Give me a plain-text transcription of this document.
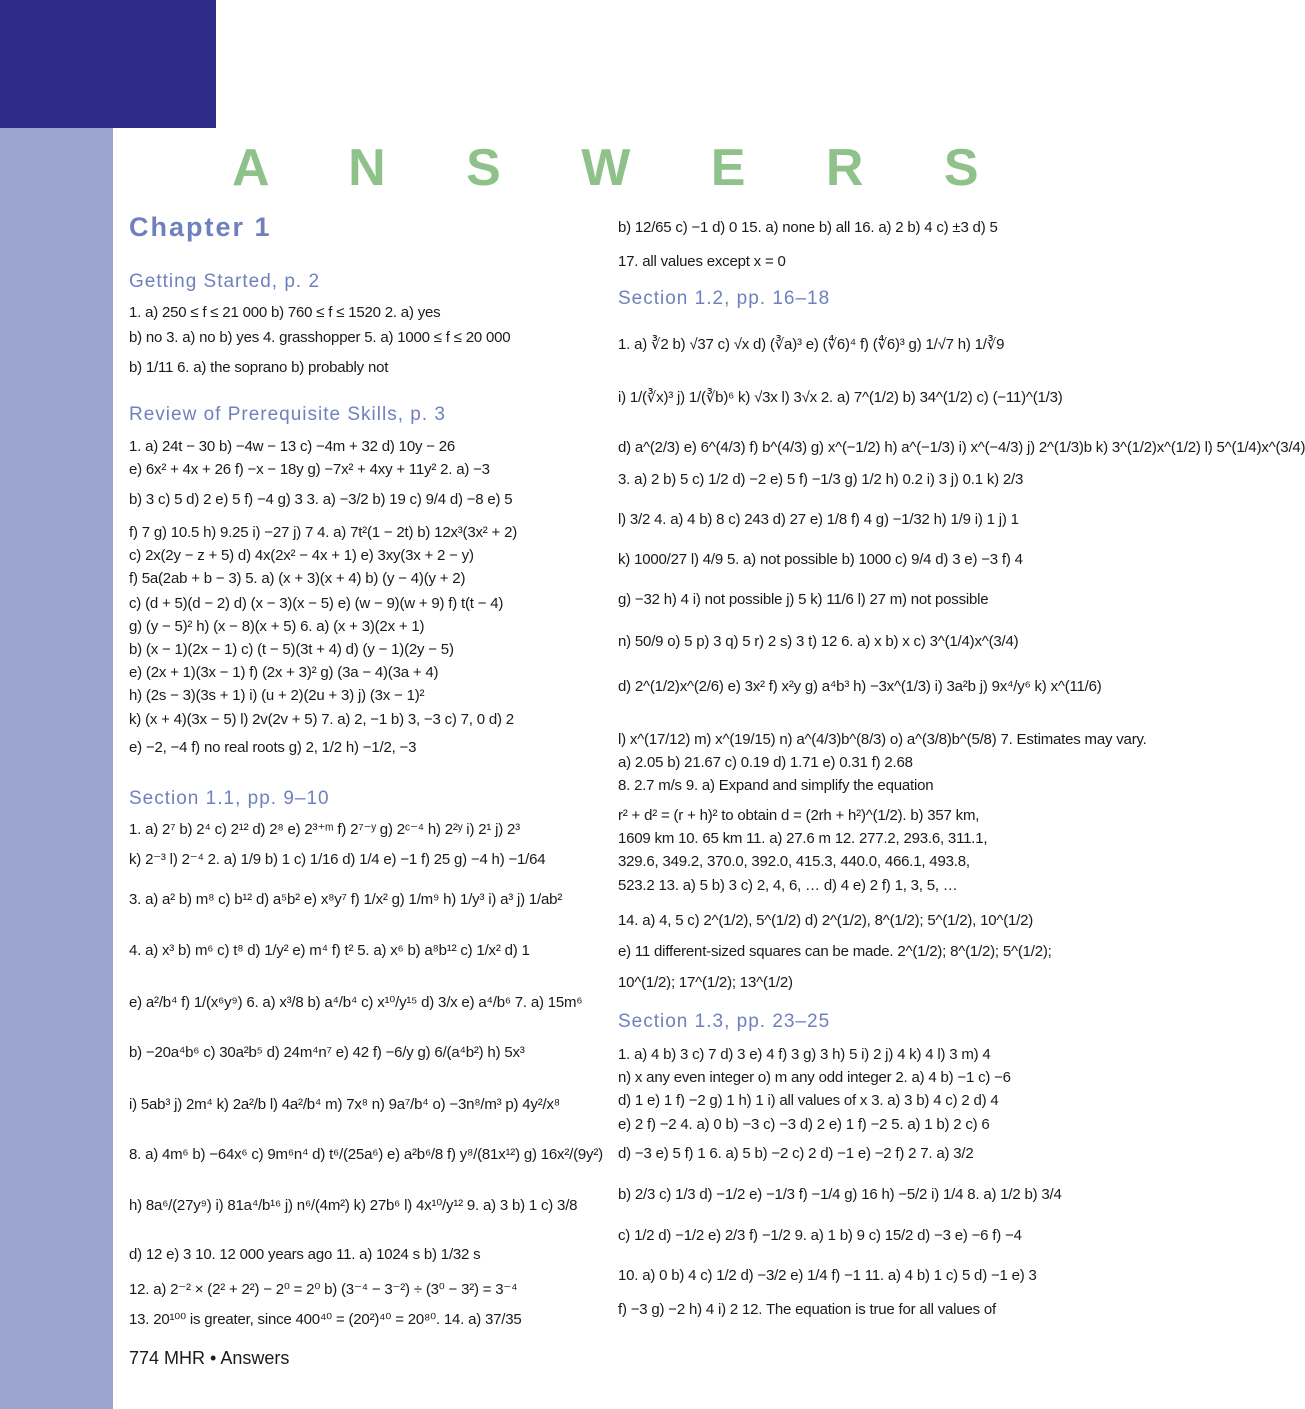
A N S W E R S
Chapter 1
Getting Started, p. 2
1. a) 250 ≤ f ≤ 21 000 b) 760 ≤ f ≤ 1520 2. a) yes
b) no 3. a) no b) yes 4. grasshopper 5. a) 1000 ≤ f ≤ 20 000
b) 1/11 6. a) the soprano b) probably not
Review of Prerequisite Skills, p. 3
1. a) 24t − 30 b) −4w − 13 c) −4m + 32 d) 10y − 26
e) 6x² + 4x + 26 f) −x − 18y g) −7x² + 4xy + 11y² 2. a) −3
b) 3 c) 5 d) 2 e) 5 f) −4 g) 3 3. a) −3/2 b) 19 c) 9/4 d) −8 e) 5
f) 7 g) 10.5 h) 9.25 i) −27 j) 7 4. a) 7t²(1 − 2t) b) 12x³(3x² + 2)
c) 2x(2y − z + 5) d) 4x(2x² − 4x + 1) e) 3xy(3x + 2 − y)
f) 5a(2ab + b − 3) 5. a) (x + 3)(x + 4) b) (y − 4)(y + 2)
c) (d + 5)(d − 2) d) (x − 3)(x − 5) e) (w − 9)(w + 9) f) t(t − 4)
g) (y − 5)² h) (x − 8)(x + 5) 6. a) (x + 3)(2x + 1)
b) (x − 1)(2x − 1) c) (t − 5)(3t + 4) d) (y − 1)(2y − 5)
e) (2x + 1)(3x − 1) f) (2x + 3)² g) (3a − 4)(3a + 4)
h) (2s − 3)(3s + 1) i) (u + 2)(2u + 3) j) (3x − 1)²
k) (x + 4)(3x − 5) l) 2v(2v + 5) 7. a) 2, −1 b) 3, −3 c) 7, 0 d) 2
e) −2, −4 f) no real roots g) 2, 1/2 h) −1/2, −3
Section 1.1, pp. 9–10
1. a) 2⁷ b) 2⁴ c) 2¹² d) 2⁸ e) 2³⁺ᵐ f) 2⁷⁻ʸ g) 2ᶜ⁻⁴ h) 2²ʸ i) 2¹ j) 2³
k) 2⁻³ l) 2⁻⁴ 2. a) 1/9 b) 1 c) 1/16 d) 1/4 e) −1 f) 25 g) −4 h) −1/64
3. a) a² b) m⁸ c) b¹² d) a⁵b² e) x⁸y⁷ f) 1/x² g) 1/m⁹ h) 1/y³ i) a³ j) 1/ab²
4. a) x³ b) m⁶ c) t⁸ d) 1/y² e) m⁴ f) t² 5. a) x⁶ b) a⁸b¹² c) 1/x² d) 1
e) a²/b⁴ f) 1/(x⁶y⁹) 6. a) x³/8 b) a⁴/b⁴ c) x¹⁰/y¹⁵ d) 3/x e) a⁴/b⁶ 7. a) 15m⁶
b) −20a⁴b⁶ c) 30a²b⁵ d) 24m⁴n⁷ e) 42 f) −6/y g) 6/(a⁴b²) h) 5x³
i) 5ab³ j) 2m⁴ k) 2a²/b l) 4a²/b⁴ m) 7x⁸ n) 9a⁷/b⁴ o) −3n⁸/m³ p) 4y²/x⁸
8. a) 4m⁶ b) −64x⁶ c) 9m⁶n⁴ d) t⁶/(25a⁶) e) a²b⁶/8 f) y⁸/(81x¹²) g) 16x²/(9y²)
h) 8a⁶/(27y⁹) i) 81a⁴/b¹⁶ j) n⁶/(4m²) k) 27b⁶ l) 4x¹⁰/y¹² 9. a) 3 b) 1 c) 3/8
d) 12 e) 3 10. 12 000 years ago 11. a) 1024 s b) 1/32 s
12. a) 2⁻² × (2² + 2²) − 2⁰ = 2⁰ b) (3⁻⁴ − 3⁻²) ÷ (3⁰ − 3²) = 3⁻⁴
13. 20¹⁰⁰ is greater, since 400⁴⁰ = (20²)⁴⁰ = 20⁸⁰. 14. a) 37/35
b) 12/65 c) −1 d) 0 15. a) none b) all 16. a) 2 b) 4 c) ±3 d) 5
17. all values except x = 0
Section 1.2, pp. 16–18
1. a) ∛2 b) √37 c) √x d) (∛a)³ e) (∜6)⁴ f) (∜6)³ g) 1/√7 h) 1/∛9
i) 1/(∛x)³ j) 1/(∛b)⁶ k) √3x l) 3√x 2. a) 7^(1/2) b) 34^(1/2) c) (−11)^(1/3)
d) a^(2/3) e) 6^(4/3) f) b^(4/3) g) x^(−1/2) h) a^(−1/3) i) x^(−4/3) j) 2^(1/3)b k) 3^(1/2)x^(1/2) l) 5^(1/4)x^(3/4)
3. a) 2 b) 5 c) 1/2 d) −2 e) 5 f) −1/3 g) 1/2 h) 0.2 i) 3 j) 0.1 k) 2/3
l) 3/2 4. a) 4 b) 8 c) 243 d) 27 e) 1/8 f) 4 g) −1/32 h) 1/9 i) 1 j) 1
k) 1000/27 l) 4/9 5. a) not possible b) 1000 c) 9/4 d) 3 e) −3 f) 4
g) −32 h) 4 i) not possible j) 5 k) 11/6 l) 27 m) not possible
n) 50/9 o) 5 p) 3 q) 5 r) 2 s) 3 t) 12 6. a) x b) x c) 3^(1/4)x^(3/4)
d) 2^(1/2)x^(2/6) e) 3x² f) x²y g) a⁴b³ h) −3x^(1/3) i) 3a²b j) 9x⁴/y⁶ k) x^(11/6)
l) x^(17/12) m) x^(19/15) n) a^(4/3)b^(8/3) o) a^(3/8)b^(5/8) 7. Estimates may vary.
a) 2.05 b) 21.67 c) 0.19 d) 1.71 e) 0.31 f) 2.68
8. 2.7 m/s 9. a) Expand and simplify the equation
r² + d² = (r + h)² to obtain d = (2rh + h²)^(1/2). b) 357 km,
1609 km 10. 65 km 11. a) 27.6 m 12. 277.2, 293.6, 311.1,
329.6, 349.2, 370.0, 392.0, 415.3, 440.0, 466.1, 493.8,
523.2 13. a) 5 b) 3 c) 2, 4, 6, … d) 4 e) 2 f) 1, 3, 5, …
14. a) 4, 5 c) 2^(1/2), 5^(1/2) d) 2^(1/2), 8^(1/2); 5^(1/2), 10^(1/2)
e) 11 different-sized squares can be made. 2^(1/2); 8^(1/2); 5^(1/2);
10^(1/2); 17^(1/2); 13^(1/2)
Section 1.3, pp. 23–25
1. a) 4 b) 3 c) 7 d) 3 e) 4 f) 3 g) 3 h) 5 i) 2 j) 4 k) 4 l) 3 m) 4
n) x any even integer o) m any odd integer 2. a) 4 b) −1 c) −6
d) 1 e) 1 f) −2 g) 1 h) 1 i) all values of x 3. a) 3 b) 4 c) 2 d) 4
e) 2 f) −2 4. a) 0 b) −3 c) −3 d) 2 e) 1 f) −2 5. a) 1 b) 2 c) 6
d) −3 e) 5 f) 1 6. a) 5 b) −2 c) 2 d) −1 e) −2 f) 2 7. a) 3/2
b) 2/3 c) 1/3 d) −1/2 e) −1/3 f) −1/4 g) 16 h) −5/2 i) 1/4 8. a) 1/2 b) 3/4
c) 1/2 d) −1/2 e) 2/3 f) −1/2 9. a) 1 b) 9 c) 15/2 d) −3 e) −6 f) −4
10. a) 0 b) 4 c) 1/2 d) −3/2 e) 1/4 f) −1 11. a) 4 b) 1 c) 5 d) −1 e) 3
f) −3 g) −2 h) 4 i) 2 12. The equation is true for all values of
774 MHR • Answers
